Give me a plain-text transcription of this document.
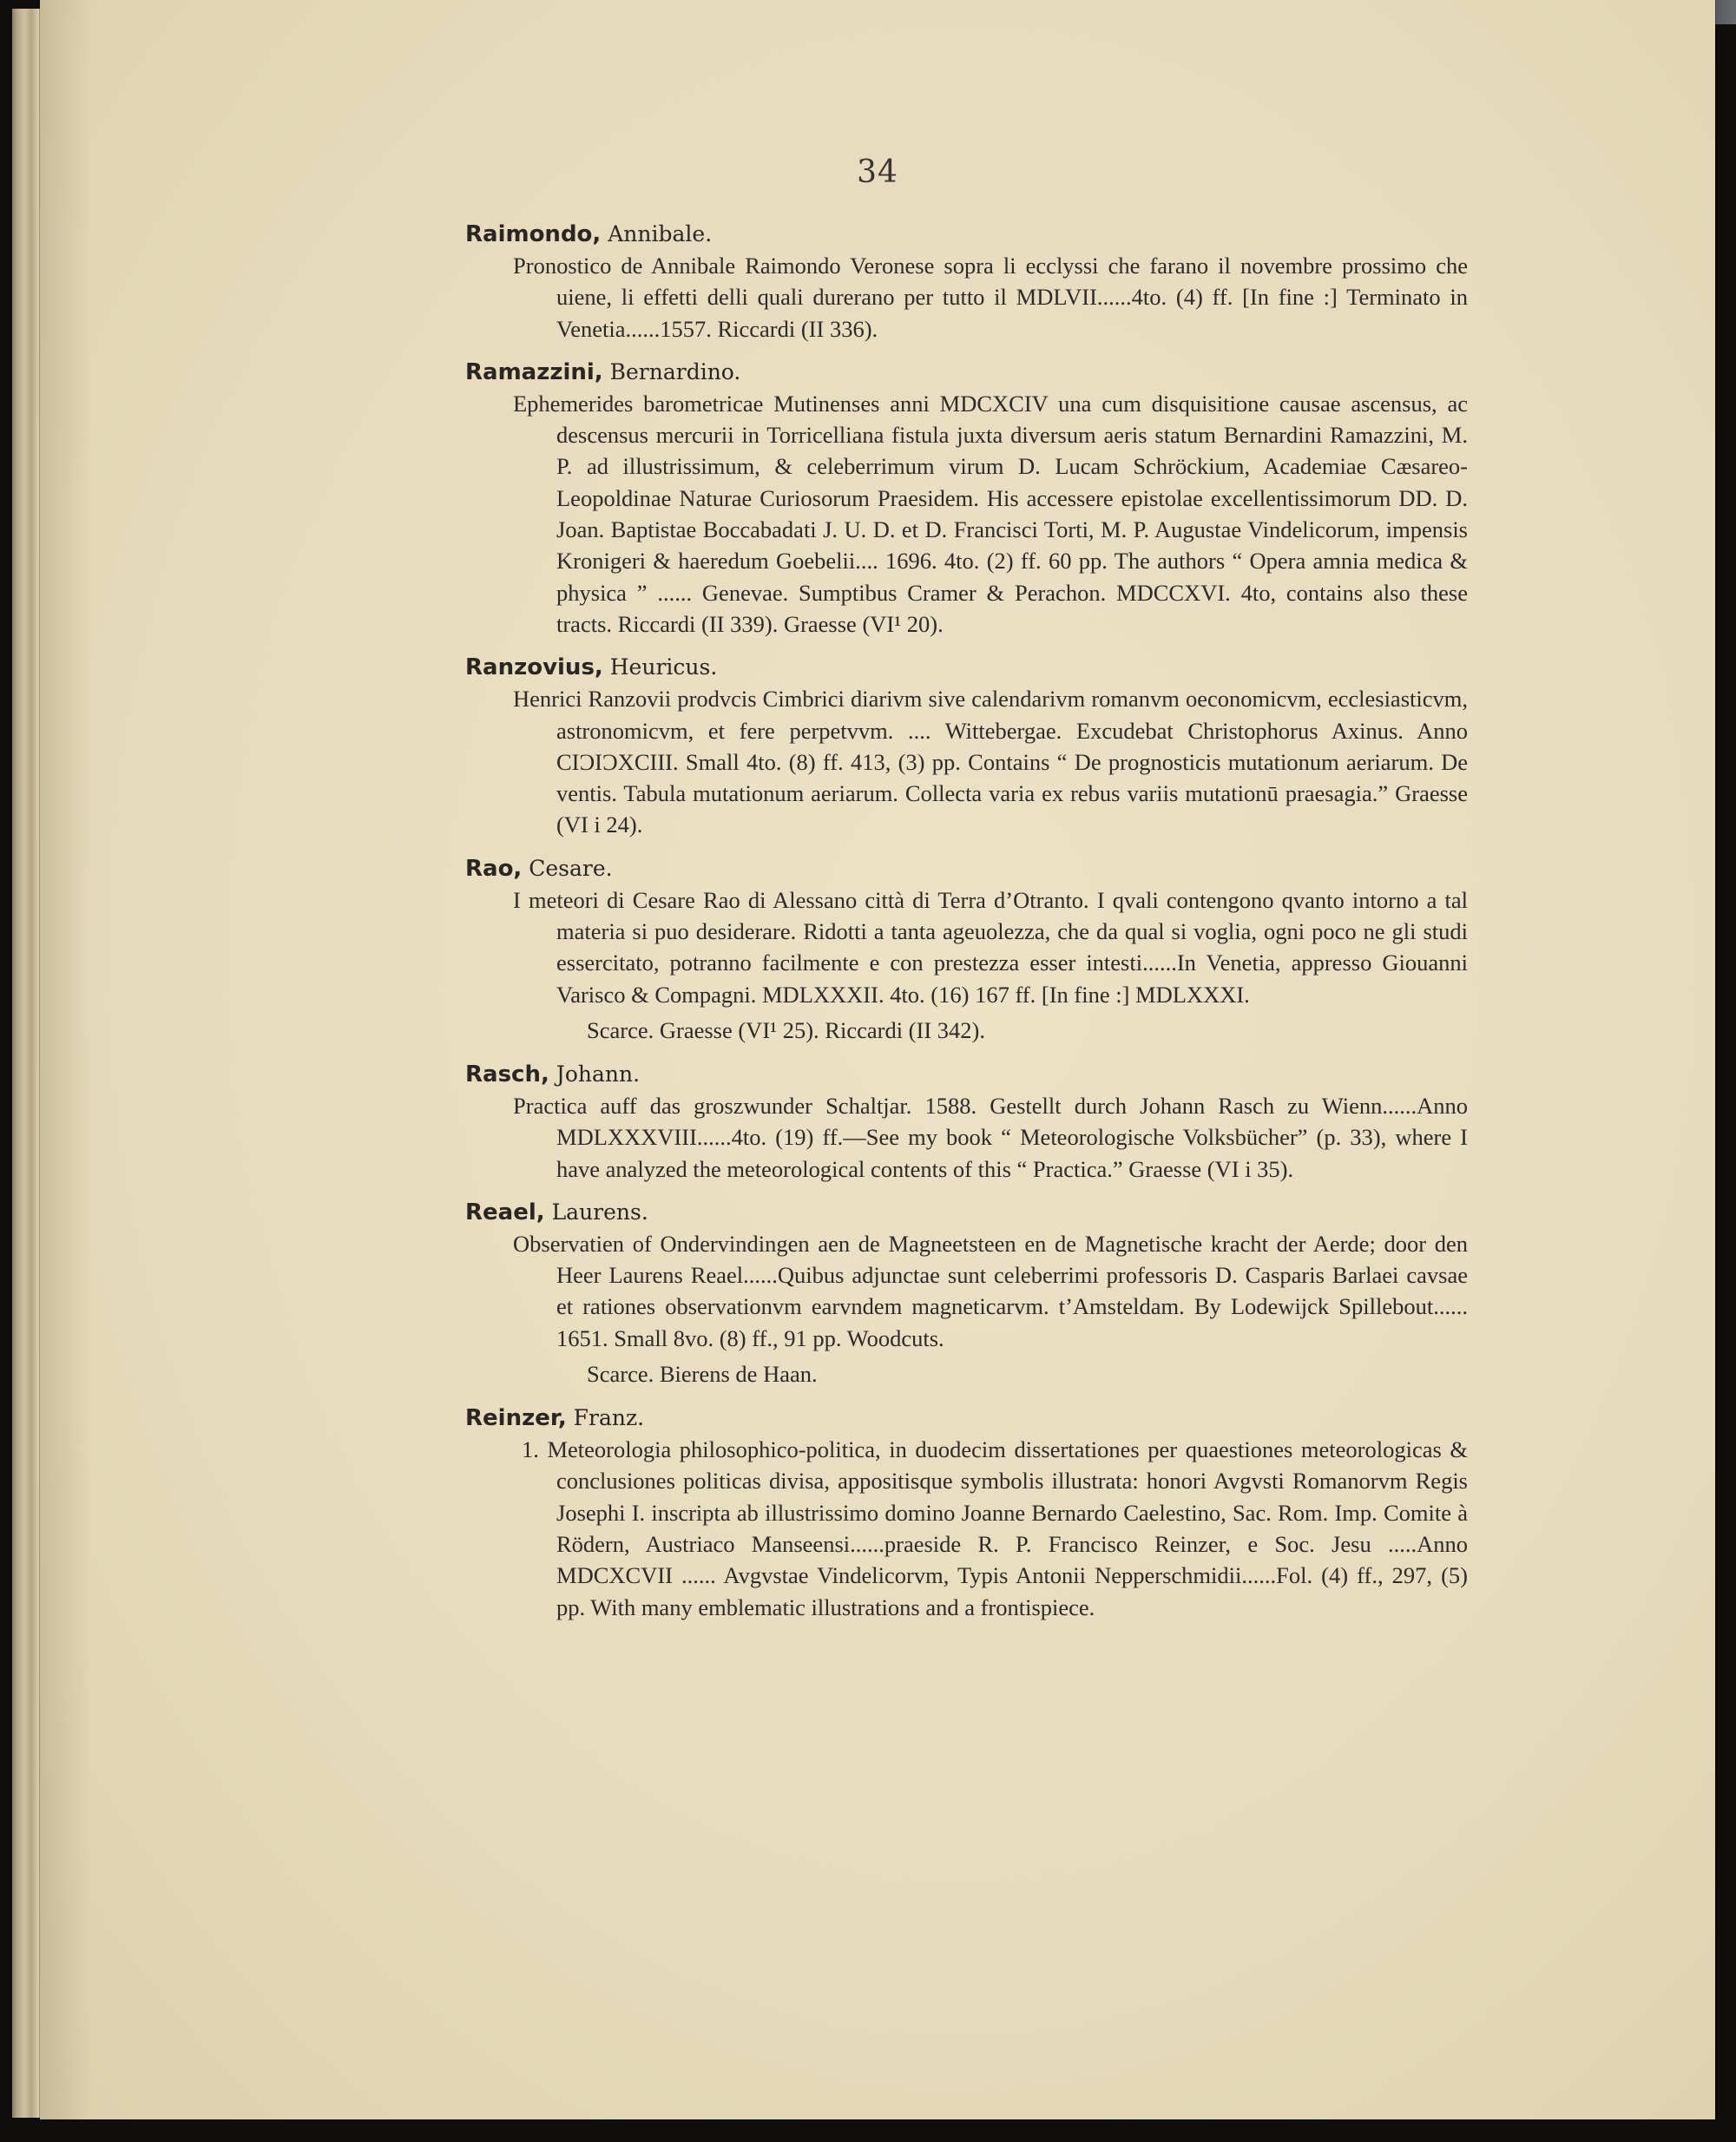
34
Raimondo, Annibale.
Pronostico de Annibale Raimondo Veronese sopra li ecclyssi che farano il novembre prossimo che uiene, li effetti delli quali durerano per tutto il MDLVII......4to. (4) ff. [In fine :] Terminato in Venetia......1557. Riccardi (II 336).
Ramazzini, Bernardino.
Ephemerides barometricae Mutinenses anni MDCXCIV una cum disquisitione causae ascensus, ac descensus mercurii in Torricelliana fistula juxta diversum aeris statum Bernardini Ramazzini, M. P. ad illustrissimum, & celeberrimum virum D. Lucam Schröckium, Academiae Cæsareo-Leopoldinae Naturae Curiosorum Praesidem. His accessere epistolae excellentissimorum DD. D. Joan. Baptistae Boccabadati J. U. D. et D. Francisci Torti, M. P. Augustae Vindelicorum, impensis Kronigeri & haeredum Goebelii.... 1696. 4to. (2) ff. 60 pp. The authors “ Opera amnia medica & physica ” ...... Genevae. Sumptibus Cramer & Perachon. MDCCXVI. 4to, contains also these tracts. Riccardi (II 339). Graesse (VI¹ 20).
Ranzovius, Heuricus.
Henrici Ranzovii prodvcis Cimbrici diarivm sive calendarivm romanvm oeconomicvm, ecclesiasticvm, astronomicvm, et fere perpetvvm. .... Wittebergae. Excudebat Christophorus Axinus. Anno CIƆIƆXCIII. Small 4to. (8) ff. 413, (3) pp. Contains “ De prognosticis mutationum aeriarum. De ventis. Tabula mutationum aeriarum. Collecta varia ex rebus variis mutationū praesagia.” Graesse (VI i 24).
Rao, Cesare.
I meteori di Cesare Rao di Alessano città di Terra d’Otranto. I qvali contengono qvanto intorno a tal materia si puo desiderare. Ridotti a tanta ageuolezza, che da qual si voglia, ogni poco ne gli studi essercitato, potranno facilmente e con prestezza esser intesti......In Venetia, appresso Giouanni Varisco & Compagni. MDLXXXII. 4to. (16) 167 ff. [In fine :] MDLXXXI.
Scarce. Graesse (VI¹ 25). Riccardi (II 342).
Rasch, Johann.
Practica auff das groszwunder Schaltjar. 1588. Gestellt durch Johann Rasch zu Wienn......Anno MDLXXXVIII......4to. (19) ff.—See my book “ Meteorologische Volksbücher” (p. 33), where I have analyzed the meteorological contents of this “ Practica.” Graesse (VI i 35).
Reael, Laurens.
Observatien of Ondervindingen aen de Magneetsteen en de Magnetische kracht der Aerde; door den Heer Laurens Reael......Quibus adjunctae sunt celeberrimi professoris D. Casparis Barlaei cavsae et rationes observationvm earvndem magneticarvm. t’Amsteldam. By Lodewijck Spillebout...... 1651. Small 8vo. (8) ff., 91 pp. Woodcuts.
Scarce. Bierens de Haan.
Reinzer, Franz.
1. Meteorologia philosophico-politica, in duodecim dissertationes per quaestiones meteorologicas & conclusiones politicas divisa, appositisque symbolis illustrata: honori Avgvsti Romanorvm Regis Josephi I. inscripta ab illustrissimo domino Joanne Bernardo Caelestino, Sac. Rom. Imp. Comite à Rödern, Austriaco Manseensi......praeside R. P. Francisco Reinzer, e Soc. Jesu .....Anno MDCXCVII ...... Avgvstae Vindelicorvm, Typis Antonii Nepperschmidii......Fol. (4) ff., 297, (5) pp. With many emblematic illustrations and a frontispiece.
